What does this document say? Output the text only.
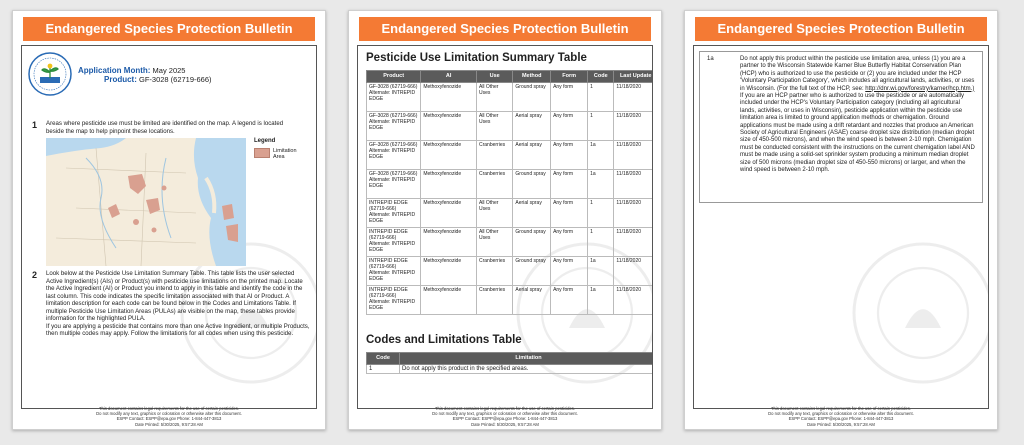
Endangered Species Protection Bulletin
Application Month: May 2025
Product: GF-3028 (62719-666)
1 Areas where pesticide use must be limited are identified on the map. A legend is located beside the map to help pinpoint these locations.
Legend
Limitation Area
2 Look below at the Pesticide Use Limitation Summary Table. This table lists the user selected Active Ingredient(s) (AIs) or Product(s) with pesticide use limitations on the printed map. Locate the Active Ingredient (AI) or Product you intend to apply in this table and identify the code in the last column. This code indicates the specific limitation associated with that AI or Product. A limitation description for each code can be found below in the Codes and Limitations Table. If multiple Pesticide Use Limitation Areas (PULAs) are visible on the map, these tables provide information for the highlighted PULA.
If you are applying a pesticide that contains more than one Active Ingredient, or multiple Products, then multiple codes may apply. Follow the limitations for all codes when using this pesticide.
This document contains legal requirements for the use of certain pesticides.
Do not modify any text, graphics or coloration or otherwise alter this document.
ESPP Contact: ESPP@epa.gov Phone: 1-844-447-3813
Date Printed: 5/30/2025, 9:57:28 AM
Endangered Species Protection Bulletin
Pesticide Use Limitation Summary Table
Product	AI	Use	Method	Form	Code	Last Update
GF-3028 (62719-666) Alternate: INTREPID EDGE	Methoxyfenozide	All Other Uses	Ground spray	Any form	1	11/18/2020
GF-3028 (62719-666) Alternate: INTREPID EDGE	Methoxyfenozide	All Other Uses	Aerial spray	Any form	1	11/18/2020
GF-3028 (62719-666) Alternate: INTREPID EDGE	Methoxyfenozide	Cranberries	Aerial spray	Any form	1a	11/18/2020
GF-3028 (62719-666) Alternate: INTREPID EDGE	Methoxyfenozide	Cranberries	Ground spray	Any form	1a	11/18/2020
INTREPID EDGE (62719-666) Alternate: INTREPID EDGE	Methoxyfenozide	All Other Uses	Aerial spray	Any form	1	11/18/2020
INTREPID EDGE (62719-666) Alternate: INTREPID EDGE	Methoxyfenozide	All Other Uses	Ground spray	Any form	1	11/18/2020
INTREPID EDGE (62719-666) Alternate: INTREPID EDGE	Methoxyfenozide	Cranberries	Ground spray	Any form	1a	11/18/2020
INTREPID EDGE (62719-666) Alternate: INTREPID EDGE	Methoxyfenozide	Cranberries	Aerial spray	Any form	1a	11/18/2020
Codes and Limitations Table
Code	Limitation
1	Do not apply this product in the specified areas.
This document contains legal requirements for the use of certain pesticides.
Do not modify any text, graphics or coloration or otherwise alter this document.
ESPP Contact: ESPP@epa.gov Phone: 1-844-447-3813
Date Printed: 5/30/2025, 9:57:28 AM
Endangered Species Protection Bulletin
1a	Do not apply this product within the pesticide use limitation area, unless (1) you are a partner to the Wisconsin Statewide Karner Blue Butterfly Habitat Conservation Plan (HCP) who is authorized to use the pesticide or (2) you are included under the HCP 'Voluntary Participation Category', which includes all agricultural lands, activities, or uses in Wisconsin. (For the full text of the HCP, see: http://dnr.wi.gov/forestry/karner/hcp.htm.) If you are an HCP partner who is authorized to use the pesticide or are automatically included under the HCP's Voluntary Participation category (including all agricultural lands, activities, or uses in Wisconsin), pesticide application within the pesticide use limitation area is limited to ground application methods or chemigation. Ground applications must be made using a drift retardant and nozzles that produce an American Society of Agricultural Engineers (ASAE) coarse droplet size distribution (median droplet size of 450-500 microns), and when the wind speed is between 2-10 mph. Chemigation must be conducted consistent with the instructions on the current chemigation label AND must be made using a solid-set sprinkler system producing a minimum median droplet size of 500 microns (median droplet size of 450-550 microns) or larger, and when the wind speed is between 2-10 mph.
This document contains legal requirements for the use of certain pesticides.
Do not modify any text, graphics or coloration or otherwise alter this document.
ESPP Contact: ESPP@epa.gov Phone: 1-844-447-3813
Date Printed: 5/30/2025, 9:57:28 AM
